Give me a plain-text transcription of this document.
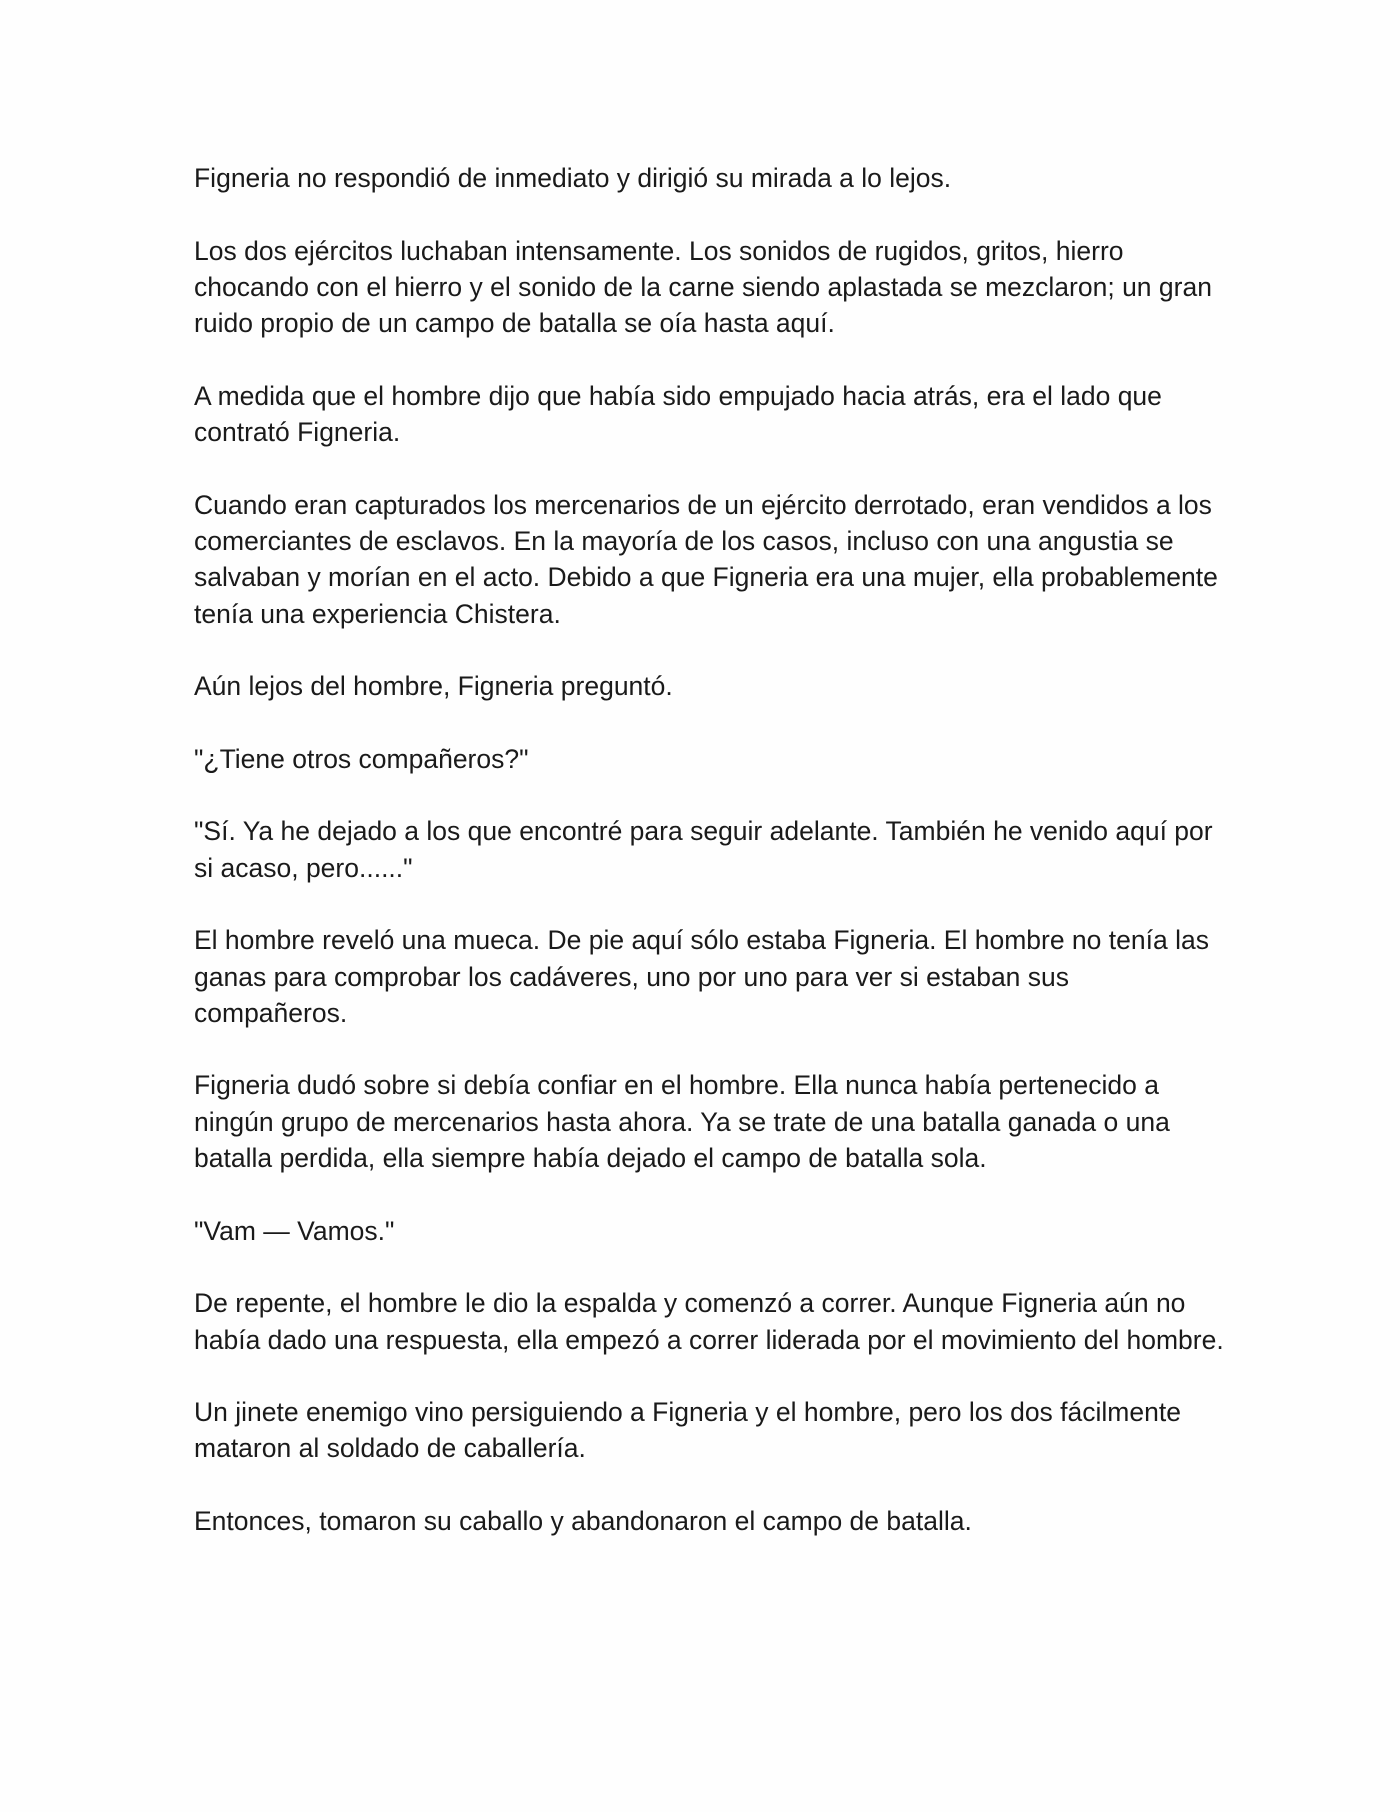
Figneria no respondió de inmediato y dirigió su mirada a lo lejos.

Los dos ejércitos luchaban intensamente. Los sonidos de rugidos, gritos, hierro chocando con el hierro y el sonido de la carne siendo aplastada se mezclaron; un gran ruido propio de un campo de batalla se oía hasta aquí.

A medida que el hombre dijo que había sido empujado hacia atrás, era el lado que contrató Figneria.

Cuando eran capturados los mercenarios de un ejército derrotado, eran vendidos a los comerciantes de esclavos. En la mayoría de los casos, incluso con una angustia se salvaban y morían en el acto. Debido a que Figneria era una mujer, ella probablemente tenía una experiencia Chistera.

Aún lejos del hombre, Figneria preguntó.

"¿Tiene otros compañeros?"

"Sí. Ya he dejado a los que encontré para seguir adelante. También he venido aquí por si acaso, pero......"

El hombre reveló una mueca. De pie aquí sólo estaba Figneria. El hombre no tenía las ganas para comprobar los cadáveres, uno por uno para ver si estaban sus compañeros.

Figneria dudó sobre si debía confiar en el hombre. Ella nunca había pertenecido a ningún grupo de mercenarios hasta ahora. Ya se trate de una batalla ganada o una batalla perdida, ella siempre había dejado el campo de batalla sola.

"Vam — Vamos."

De repente, el hombre le dio la espalda y comenzó a correr. Aunque Figneria aún no había dado una respuesta, ella empezó a correr liderada por el movimiento del hombre.

Un jinete enemigo vino persiguiendo a Figneria y el hombre, pero los dos fácilmente mataron al soldado de caballería.

Entonces, tomaron su caballo y abandonaron el campo de batalla.
